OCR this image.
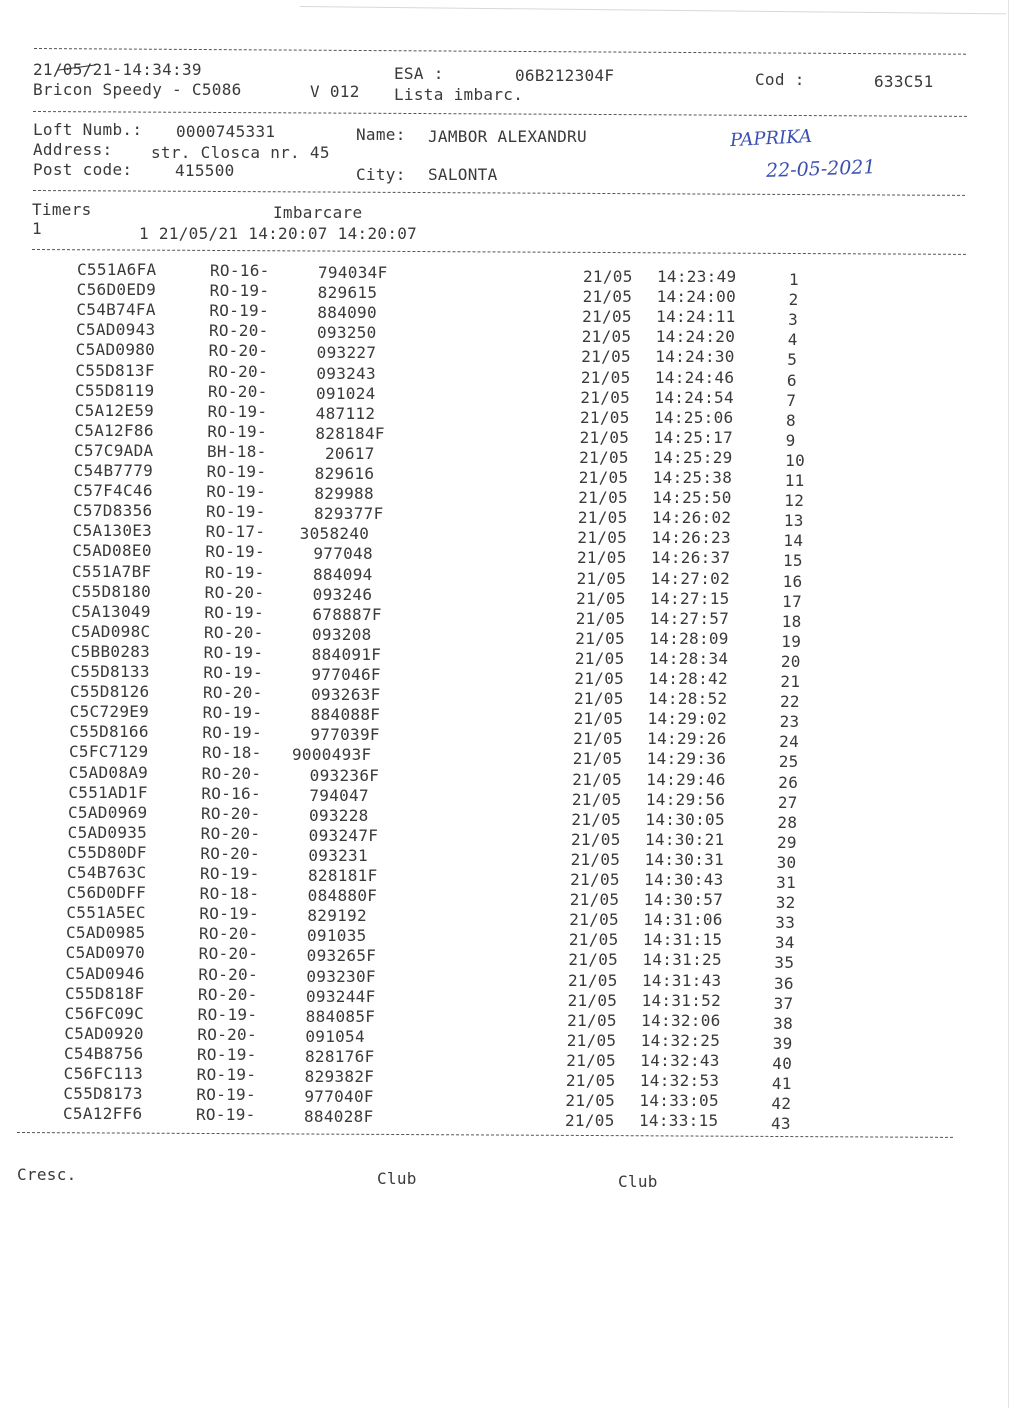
21/05/21-14:34:39	ESA :	06B212304F	Cod :	633C51
Bricon Speedy - C5086	V 012 Lista imbarc.
Loft Numb.: 0000745331	Name: JAMBOR ALEXANDRU
Address: str. Closca nr. 45
Post code:	415500	City: SALONTA
PAPRIKA
22-05-2021
Timers	Imbarcare
1	1 21/05/21 14:20:07 14:20:07
C551A6FA	RO-16-	794034F	21/05 14:23:49	1
C56D0ED9	RO-19-	829615	21/05 14:24:00	2
C54B74FA	RO-19-	884090	21/05 14:24:11	3
C5AD0943	RO-20-	093250	21/05 14:24:20	4
C5AD0980	RO-20-	093227	21/05 14:24:30	5
C55D813F	RO-20-	093243	21/05 14:24:46	6
C55D8119	RO-20-	091024	21/05 14:24:54	7
C5A12E59	RO-19-	487112	21/05 14:25:06	8
C5A12F86	RO-19-	828184F	21/05 14:25:17	9
C57C9ADA	BH-18-	20617	21/05 14:25:29	10
C54B7779	RO-19-	829616	21/05 14:25:38	11
C57F4C46	RO-19-	829988	21/05 14:25:50	12
C57D8356	RO-19-	829377F	21/05 14:26:02	13
C5A130E3	RO-17- 3058240	21/05 14:26:23	14
C5AD08E0	RO-19-	977048	21/05 14:26:37	15
C551A7BF	RO-19-	884094	21/05 14:27:02	16
C55D8180	RO-20-	093246	21/05 14:27:15	17
C5A13049	RO-19-	678887F	21/05 14:27:57	18
C5AD098C	RO-20-	093208	21/05 14:28:09	19
C5BB0283	RO-19-	884091F	21/05 14:28:34	20
C55D8133	RO-19-	977046F	21/05 14:28:42	21
C55D8126	RO-20-	093263F	21/05 14:28:52	22
C5C729E9	RO-19-	884088F	21/05 14:29:02	23
C55D8166	RO-19-	977039F	21/05 14:29:26	24
C5FC7129	RO-18- 9000493F	21/05 14:29:36	25
C5AD08A9	RO-20-	093236F	21/05 14:29:46	26
C551AD1F	RO-16-	794047	21/05 14:29:56	27
C5AD0969	RO-20-	093228	21/05 14:30:05	28
C5AD0935	RO-20-	093247F	21/05 14:30:21	29
C55D80DF	RO-20-	093231	21/05 14:30:31	30
C54B763C	RO-19-	828181F	21/05 14:30:43	31
C56D0DFF	RO-18-	084880F	21/05 14:30:57	32
C551A5EC	RO-19-	829192	21/05 14:31:06	33
C5AD0985	RO-20-	091035	21/05 14:31:15	34
C5AD0970	RO-20-	093265F	21/05 14:31:25	35
C5AD0946	RO-20-	093230F	21/05 14:31:43	36
C55D818F	RO-20-	093244F	21/05 14:31:52	37
C56FC09C	RO-19-	884085F	21/05 14:32:06	38
C5AD0920	RO-20-	091054	21/05 14:32:25	39
C54B8756	RO-19-	828176F	21/05 14:32:43	40
C56FC113	RO-19-	829382F	21/05 14:32:53	41
C55D8173	RO-19-	977040F	21/05 14:33:05	42
C5A12FF6	RO-19-	884028F	21/05 14:33:15	43
Cresc.	Club	Club
